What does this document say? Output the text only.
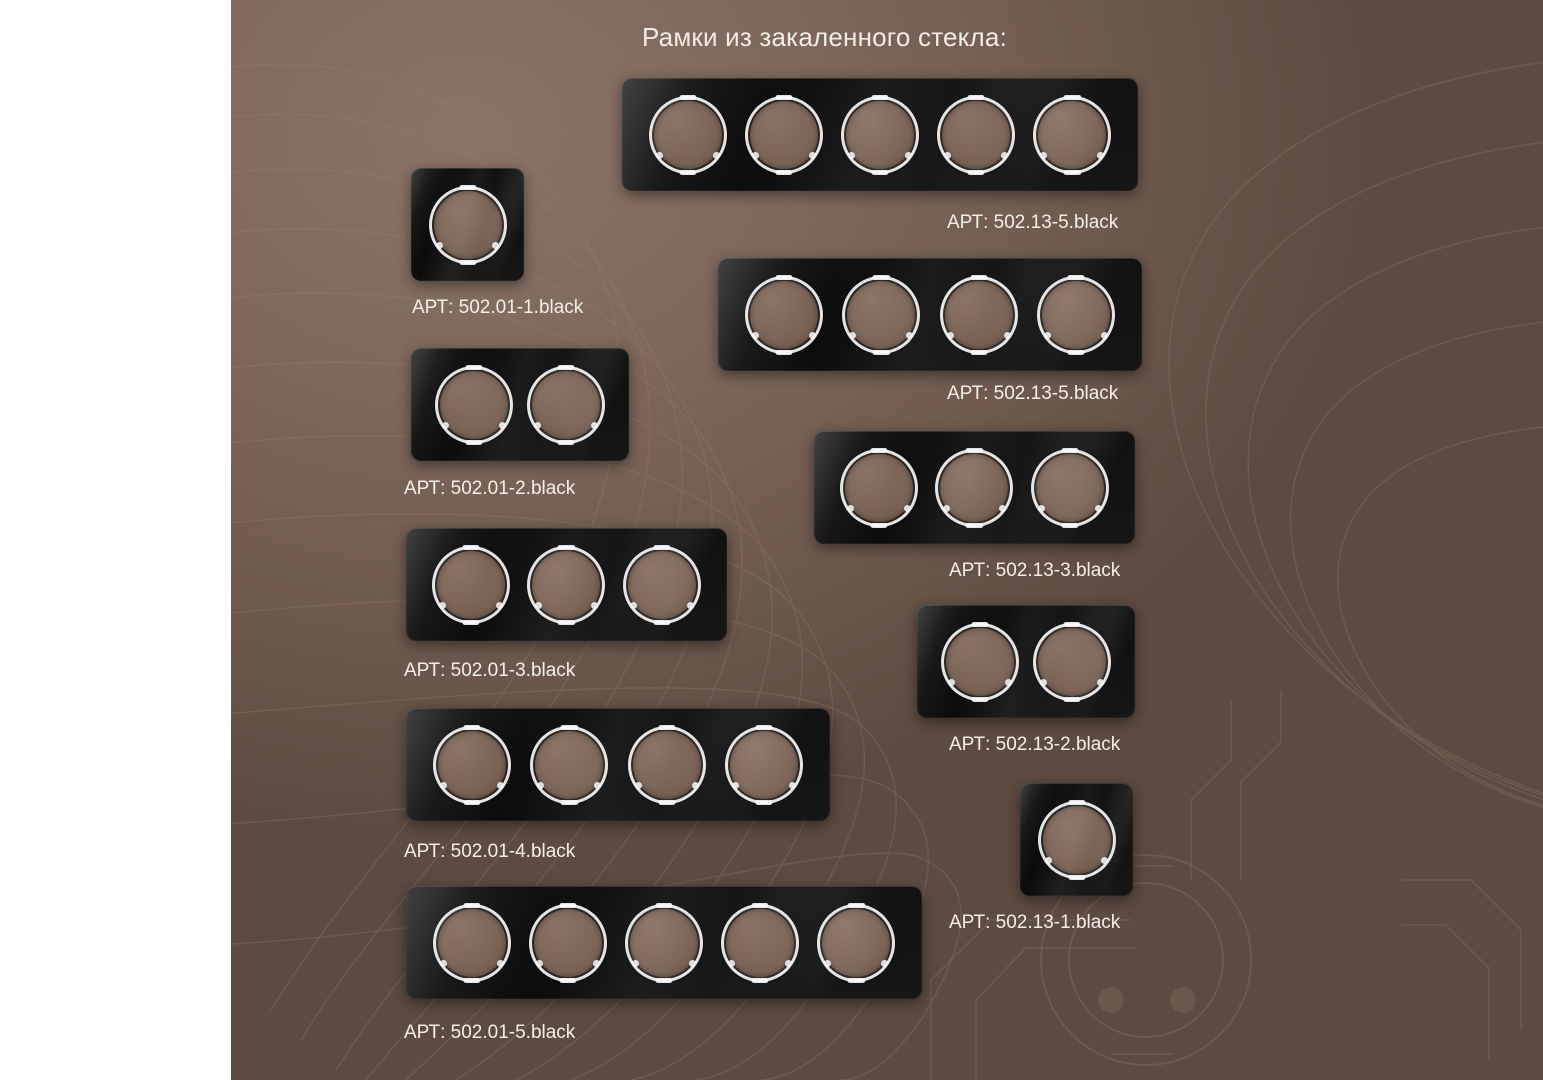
Рамки из закаленного стекла:
АРТ: 502.01-1.black
АРТ: 502.01-2.black
АРТ: 502.01-3.black
АРТ: 502.01-4.black
АРТ: 502.01-5.black
АРТ: 502.13-5.black
АРТ: 502.13-5.black
АРТ: 502.13-3.black
АРТ: 502.13-2.black
АРТ: 502.13-1.black
